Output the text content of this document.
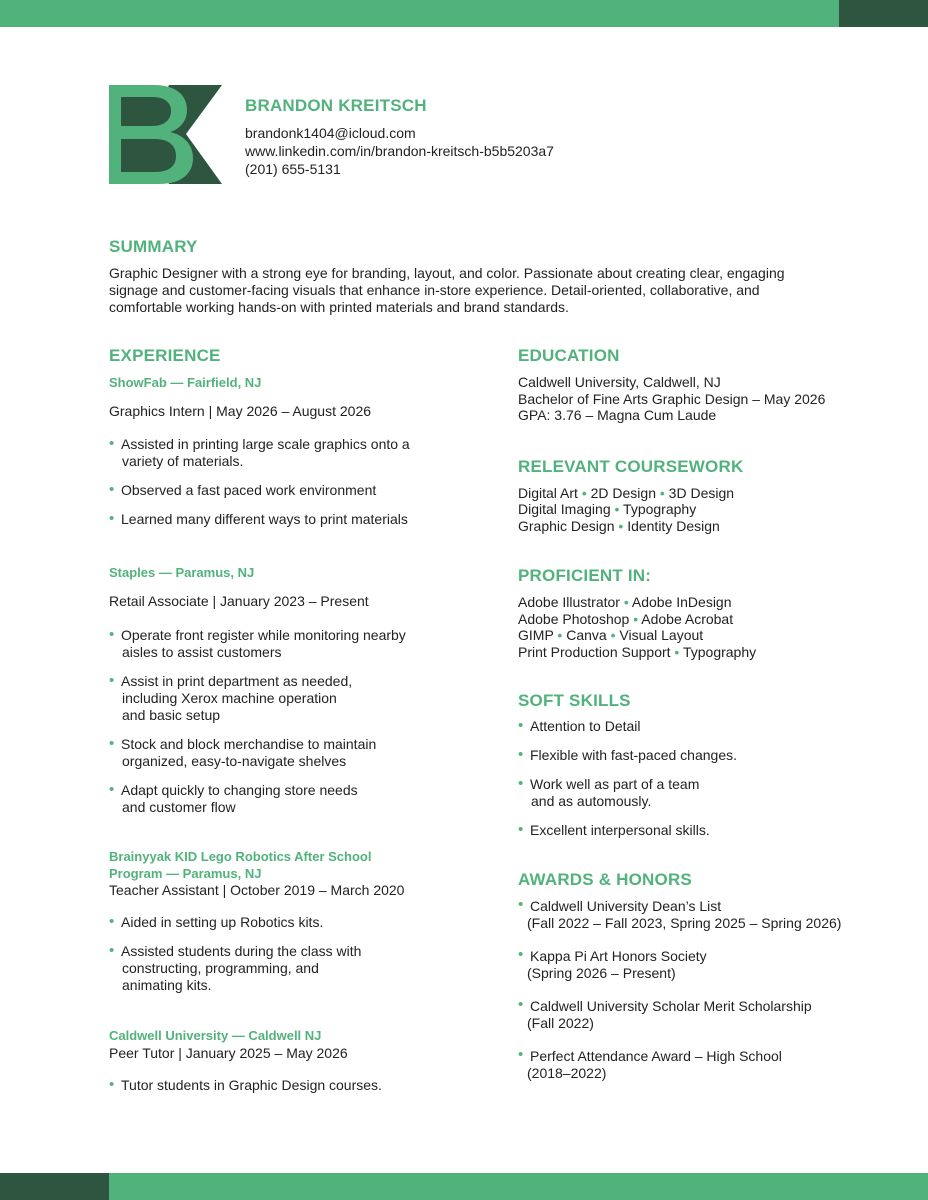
BRANDON KREITSCH
brandonk1404@icloud.com
www.linkedin.com/in/brandon-kreitsch-b5b5203a7
(201) 655-5131
SUMMARY
Graphic Designer with a strong eye for branding, layout, and color. Passionate about creating clear, engaging signage and customer-facing visuals that enhance in-store experience. Detail-oriented, collaborative, and comfortable working hands-on with printed materials and brand standards.
EXPERIENCE
ShowFab — Fairfield, NJ
Graphics Intern | May 2026 – August 2026
• Assisted in printing large scale graphics onto a
variety of materials.
• Observed a fast paced work environment
• Learned many different ways to print materials
Staples — Paramus, NJ
Retail Associate | January 2023 – Present
• Operate front register while monitoring nearby
aisles to assist customers
• Assist in print department as needed,
including Xerox machine operation
and basic setup
• Stock and block merchandise to maintain
organized, easy-to-navigate shelves
• Adapt quickly to changing store needs
and customer flow
Brainyyak KID Lego Robotics After School
Program — Paramus, NJ
Teacher Assistant | October 2019 – March 2020
• Aided in setting up Robotics kits.
• Assisted students during the class with
constructing, programming, and
animating kits.
Caldwell University — Caldwell NJ
Peer Tutor | January 2025 – May 2026
• Tutor students in Graphic Design courses.
EDUCATION
Caldwell University, Caldwell, NJ
Bachelor of Fine Arts Graphic Design – May 2026
GPA: 3.76 – Magna Cum Laude
RELEVANT COURSEWORK
Digital Art • 2D Design • 3D Design
Digital Imaging • Typography
Graphic Design • Identity Design
PROFICIENT IN:
Adobe Illustrator • Adobe InDesign
Adobe Photoshop • Adobe Acrobat
GIMP • Canva • Visual Layout
Print Production Support • Typography
SOFT SKILLS
• Attention to Detail
• Flexible with fast-paced changes.
• Work well as part of a team
and as automously.
• Excellent interpersonal skills.
AWARDS & HONORS
• Caldwell University Dean’s List
(Fall 2022 – Fall 2023, Spring 2025 – Spring 2026)
• Kappa Pi Art Honors Society
(Spring 2026 – Present)
• Caldwell University Scholar Merit Scholarship
(Fall 2022)
• Perfect Attendance Award – High School
(2018–2022)
